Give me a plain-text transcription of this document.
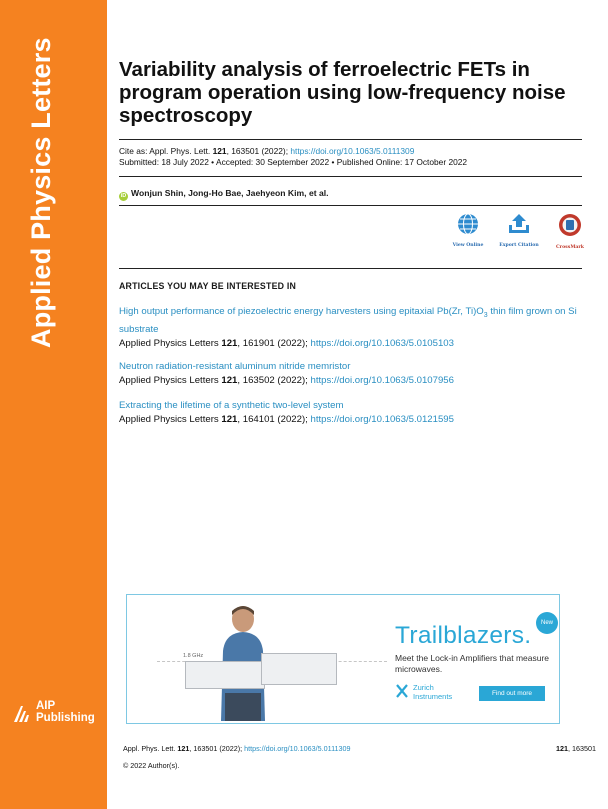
Applied Physics Letters
AIP
Publishing
Variability analysis of ferroelectric FETs in program operation using low-frequency noise spectroscopy
Cite as: Appl. Phys. Lett. 121, 163501 (2022); https://doi.org/10.1063/5.0111309
Submitted: 18 July 2022 • Accepted: 30 September 2022 • Published Online: 17 October 2022
iD Wonjun Shin, Jong-Ho Bae, Jaehyeon Kim, et al.
View Online	Export Citation	CrossMark
ARTICLES YOU MAY BE INTERESTED IN
High output performance of piezoelectric energy harvesters using epitaxial Pb(Zr, $Ti)O_3$ thin film grown on Si substrate
Applied Physics Letters 121, 161901 (2022); https://doi.org/10.1063/5.0105103
Neutron radiation-resistant aluminum nitride memristor
Applied Physics Letters 121, 163502 (2022); https://doi.org/10.1063/5.0107956
Extracting the lifetime of a synthetic two-level system
Applied Physics Letters 121, 164101 (2022); https://doi.org/10.1063/5.0121595
1.8 GHz
Trailblazers.	New
Meet the Lock-in Amplifiers that measure microwaves.
Zurich
Instruments	Find out more
Appl. Phys. Lett. 121, 163501 (2022); https://doi.org/10.1063/5.0111309	121, 163501
© 2022 Author(s).
